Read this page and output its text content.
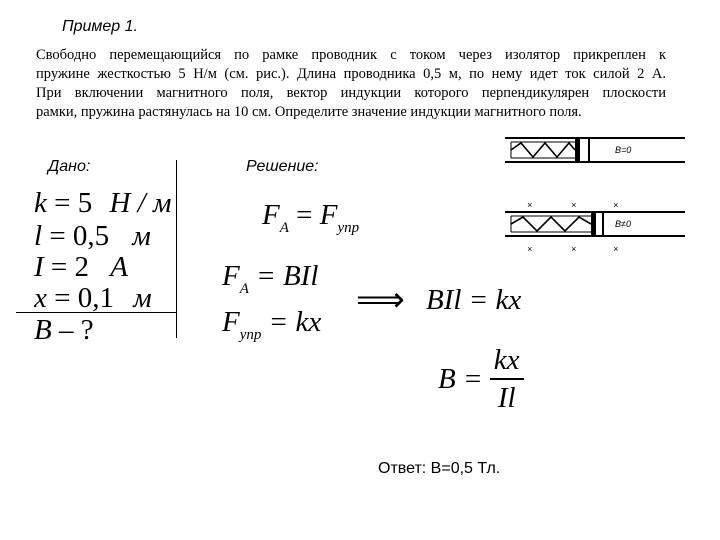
Пример 1.
Свободно перемещающийся по рамке проводник с током через изолятор прикреплен к
пружине жесткостью 5 Н/м (см. рис.). Длина проводника 0,5 м, по нему идет ток силой 2 А.
При включении магнитного поля, вектор индукции которого перпендикулярен плоскости
рамки, пружина растянулась на 10 см. Определите значение индукции магнитного поля.
Дано:
k = 5 Н / м
l = 0,5 м
I = 2 А
x = 0,1 м
B – ?
Решение:
$F_A = F_{упр}$
$F_A$ = BIl
$F_{упр}$ = kx
⟹ BIl = kx
$B = \frac{kx}{Il}$
B=0
×	×	×
B≠0
×	×	×
Ответ: В=0,5 Тл.
